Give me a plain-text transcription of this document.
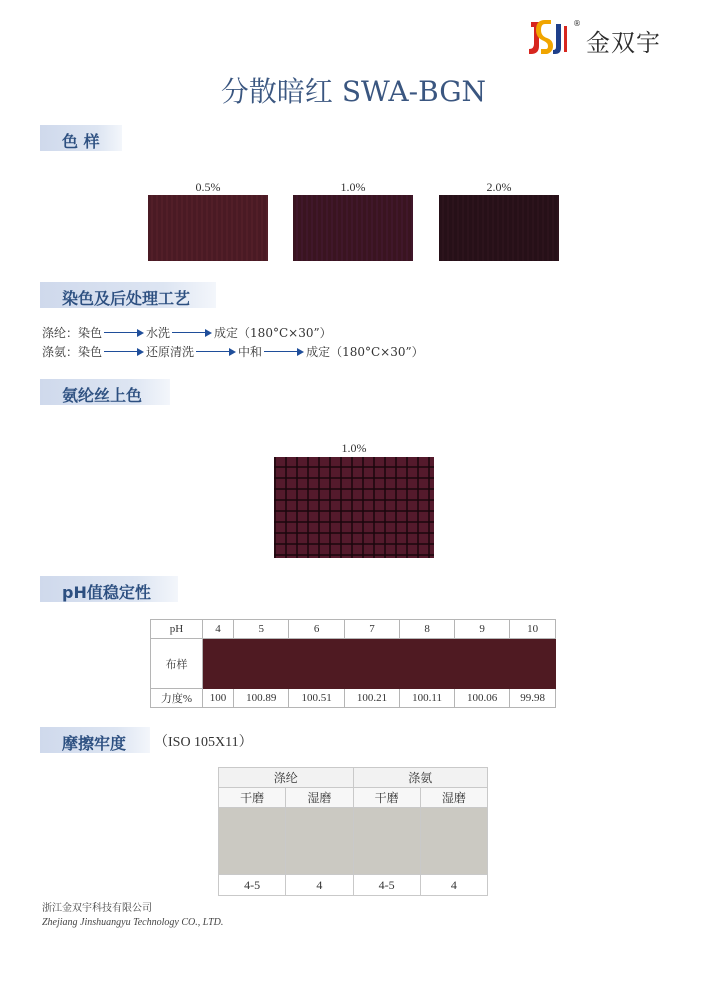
®
金双宇
分散暗红 SWA-BGN
色 样
0.5%	1.0%	2.0%
染色及后处理工艺
涤纶：染色	水洗	成定（180°C×30”）
涤氨：染色	还原清洗	中和	成定（180°C×30”）
氨纶丝上色
1.0%
pH值稳定性
pH	4	5	6	7	8	9	10
布样							
力度%	100	100.89	100.51	100.21	100.11	100.06	99.98
摩擦牢度	（ISO 105X11）
涤纶		涤氨	
干磨	湿磨	干磨	湿磨

4-5	4	4-5	4
浙江金双宇科技有限公司
Zhejiang Jinshuangyu Technology CO., LTD.
